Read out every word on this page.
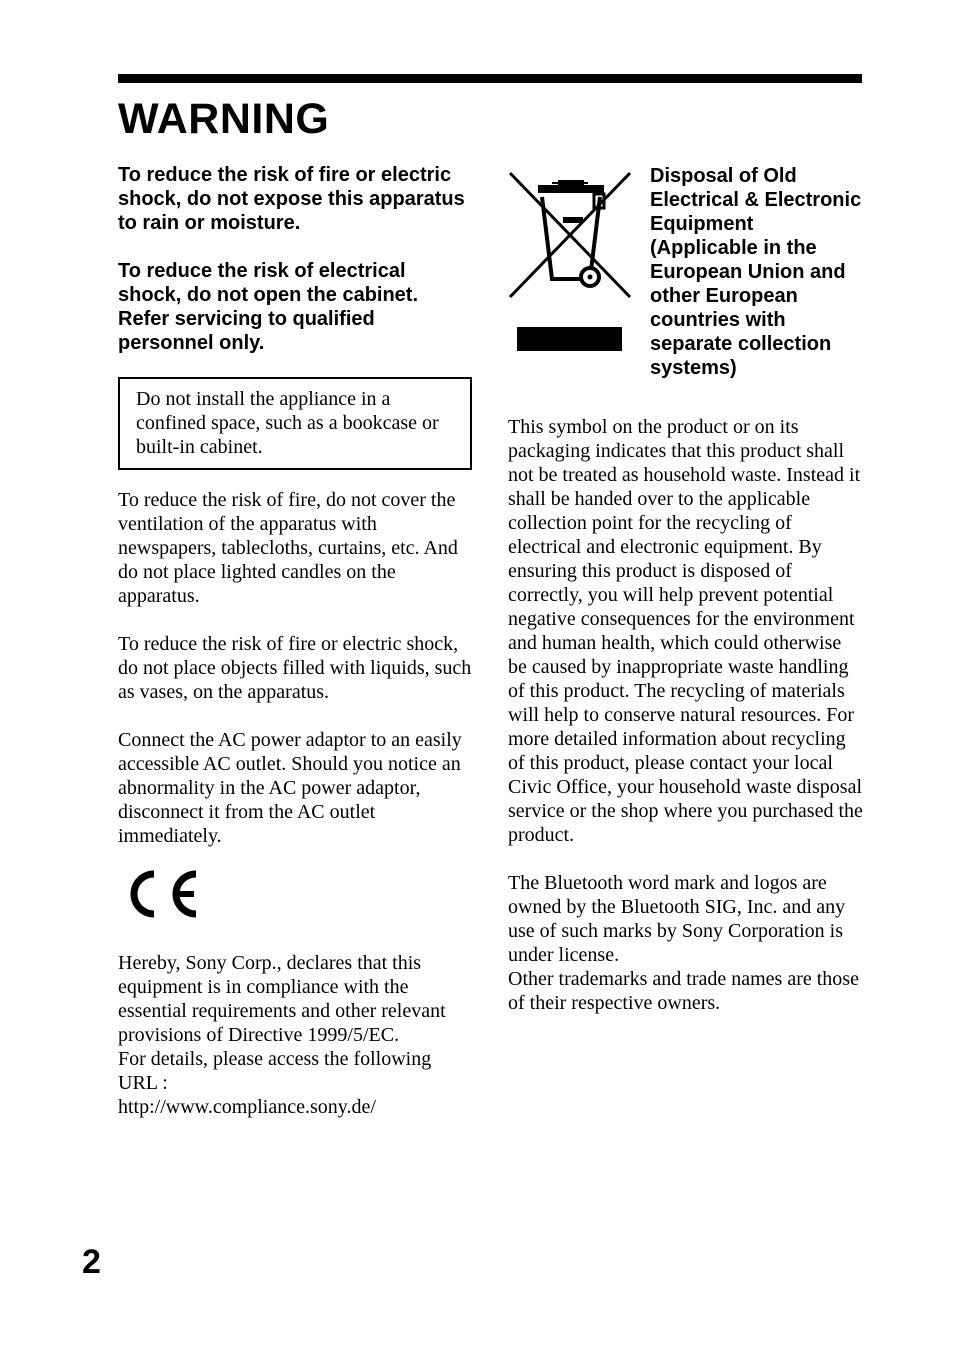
WARNING

To reduce the risk of fire or electric shock, do not expose this apparatus to rain or moisture.

To reduce the risk of electrical shock, do not open the cabinet. Refer servicing to qualified personnel only.

Do not install the appliance in a confined space, such as a bookcase or built-in cabinet.

To reduce the risk of fire, do not cover the ventilation of the apparatus with newspapers, tablecloths, curtains, etc. And do not place lighted candles on the apparatus.

To reduce the risk of fire or electric shock, do not place objects filled with liquids, such as vases, on the apparatus.

Connect the AC power adaptor to an easily accessible AC outlet. Should you notice an abnormality in the AC power adaptor, disconnect it from the AC outlet immediately.

Hereby, Sony Corp., declares that this equipment is in compliance with the essential requirements and other relevant provisions of Directive 1999/5/EC.

For details, please access the following URL :

http://www.compliance.sony.de/

Disposal of Old Electrical & Electronic Equipment (Applicable in the European Union and other European countries with separate collection systems)

This symbol on the product or on its packaging indicates that this product shall not be treated as household waste. Instead it shall be handed over to the applicable collection point for the recycling of electrical and electronic equipment. By ensuring this product is disposed of correctly, you will help prevent potential negative consequences for the environment and human health, which could otherwise be caused by inappropriate waste handling of this product. The recycling of materials will help to conserve natural resources. For more detailed information about recycling of this product, please contact your local Civic Office, your household waste disposal service or the shop where you purchased the product.

The Bluetooth word mark and logos are owned by the Bluetooth SIG, Inc. and any use of such marks by Sony Corporation is under license.

Other trademarks and trade names are those of their respective owners.

2
